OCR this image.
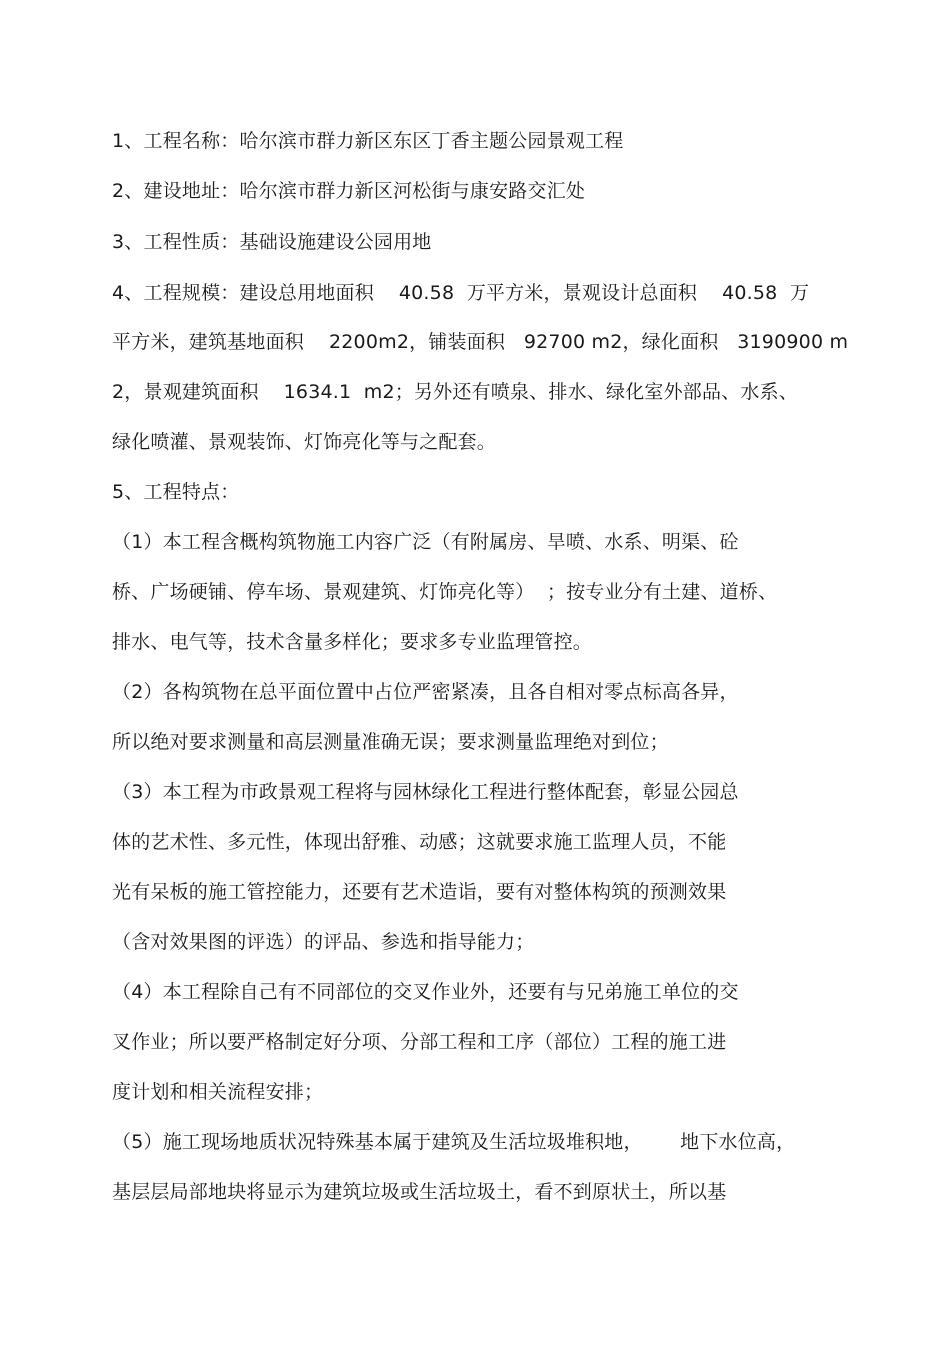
1、工程名称：哈尔滨市群力新区东区丁香主题公园景观工程
2、建设地址：哈尔滨市群力新区河松街与康安路交汇处
3、工程性质：基础设施建设公园用地
4、工程规模：建设总用地面积    40.58  万平方米，景观设计总面积    40.58  万
平方米，建筑基地面积    2200m2，铺装面积   92700 m2，绿化面积   3190900 m
2，景观建筑面积    1634.1  m2；另外还有喷泉、排水、绿化室外部品、水系、
绿化喷灌、景观装饰、灯饰亮化等与之配套。
5、工程特点：
（1）本工程含概构筑物施工内容广泛（有附属房、旱喷、水系、明渠、砼
桥、广场硬铺、停车场、景观建筑、灯饰亮化等）  ；按专业分有土建、道桥、
排水、电气等，技术含量多样化；要求多专业监理管控。
（2）各构筑物在总平面位置中占位严密紧凑，且各自相对零点标高各异，
所以绝对要求测量和高层测量准确无误；要求测量监理绝对到位；
（3）本工程为市政景观工程将与园林绿化工程进行整体配套，彰显公园总
体的艺术性、多元性，体现出舒雅、动感；这就要求施工监理人员，不能
光有呆板的施工管控能力，还要有艺术造诣，要有对整体构筑的预测效果
（含对效果图的评选）的评品、参选和指导能力；
（4）本工程除自己有不同部位的交叉作业外，还要有与兄弟施工单位的交
叉作业；所以要严格制定好分项、分部工程和工序（部位）工程的施工进
度计划和相关流程安排；
（5）施工现场地质状况特殊基本属于建筑及生活垃圾堆积地，      地下水位高，
基层层局部地块将显示为建筑垃圾或生活垃圾土，看不到原状土，所以基
